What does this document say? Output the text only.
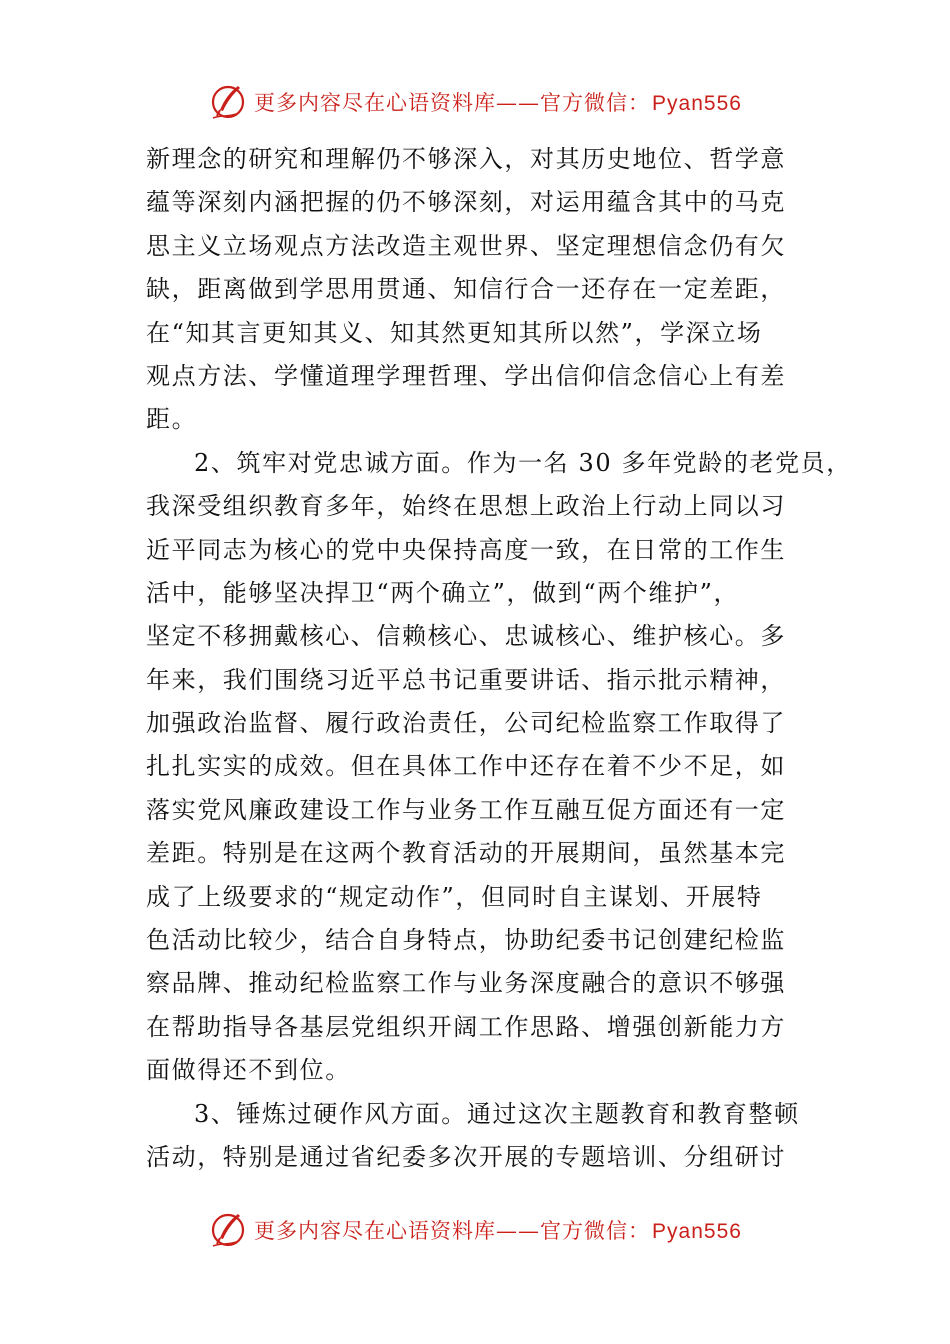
更多内容尽在心语资料库——官方微信：Pyan556
新理念的研究和理解仍不够深入，对其历史地位、哲学意
蕴等深刻内涵把握的仍不够深刻，对运用蕴含其中的马克
思主义立场观点方法改造主观世界、坚定理想信念仍有欠
缺，距离做到学思用贯通、知信行合一还存在一定差距，
在“知其言更知其义、知其然更知其所以然”，学深立场
观点方法、学懂道理学理哲理、学出信仰信念信心上有差
距。
2、筑牢对党忠诚方面。作为一名 30 多年党龄的老党员，
我深受组织教育多年，始终在思想上政治上行动上同以习
近平同志为核心的党中央保持高度一致，在日常的工作生
活中，能够坚决捍卫“两个确立”，做到“两个维护”，
坚定不移拥戴核心、信赖核心、忠诚核心、维护核心。多
年来，我们围绕习近平总书记重要讲话、指示批示精神，
加强政治监督、履行政治责任，公司纪检监察工作取得了
扎扎实实的成效。但在具体工作中还存在着不少不足，如
落实党风廉政建设工作与业务工作互融互促方面还有一定
差距。特别是在这两个教育活动的开展期间，虽然基本完
成了上级要求的“规定动作”，但同时自主谋划、开展特
色活动比较少，结合自身特点，协助纪委书记创建纪检监
察品牌、推动纪检监察工作与业务深度融合的意识不够强
在帮助指导各基层党组织开阔工作思路、增强创新能力方
面做得还不到位。
3、锤炼过硬作风方面。通过这次主题教育和教育整顿
活动，特别是通过省纪委多次开展的专题培训、分组研讨
更多内容尽在心语资料库——官方微信：Pyan556
